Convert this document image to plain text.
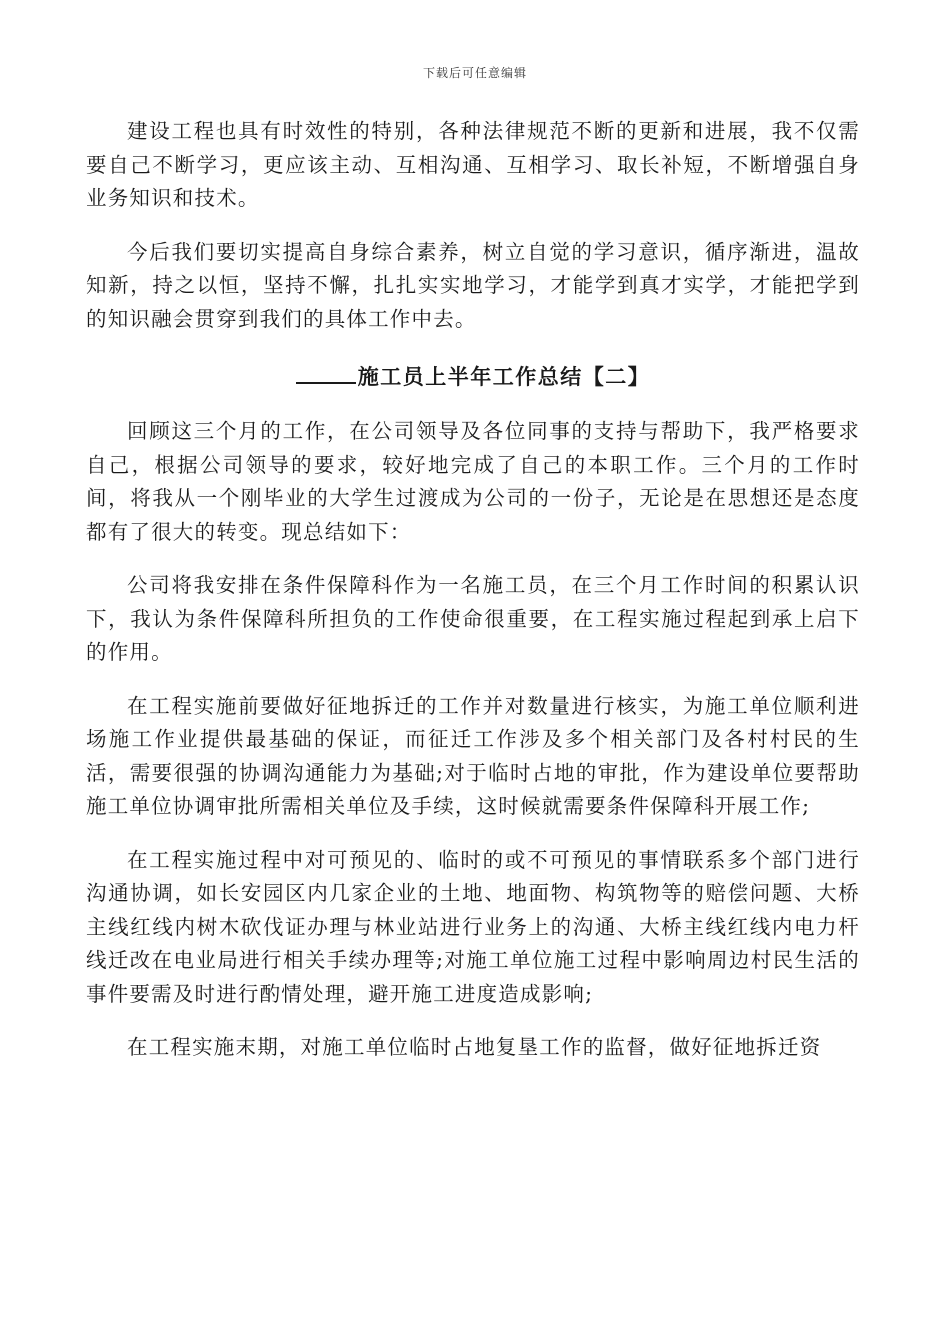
下载后可任意编辑

建设工程也具有时效性的特别，各种法律规范不断的更新和进展，我不仅需要自己不断学习，更应该主动、互相沟通、互相学习、取长补短，不断增强自身业务知识和技术。

今后我们要切实提高自身综合素养，树立自觉的学习意识，循序渐进，温故知新，持之以恒，坚持不懈，扎扎实实地学习，才能学到真才实学，才能把学到的知识融会贯穿到我们的具体工作中去。

施工员上半年工作总结【二】

回顾这三个月的工作，在公司领导及各位同事的支持与帮助下，我严格要求自己，根据公司领导的要求，较好地完成了自己的本职工作。三个月的工作时间，将我从一个刚毕业的大学生过渡成为公司的一份子，无论是在思想还是态度都有了很大的转变。现总结如下：

公司将我安排在条件保障科作为一名施工员，在三个月工作时间的积累认识下，我认为条件保障科所担负的工作使命很重要，在工程实施过程起到承上启下的作用。

在工程实施前要做好征地拆迁的工作并对数量进行核实，为施工单位顺利进场施工作业提供最基础的保证，而征迁工作涉及多个相关部门及各村村民的生活，需要很强的协调沟通能力为基础;对于临时占地的审批，作为建设单位要帮助施工单位协调审批所需相关单位及手续，这时候就需要条件保障科开展工作;

在工程实施过程中对可预见的、临时的或不可预见的事情联系多个部门进行沟通协调，如长安园区内几家企业的土地、地面物、构筑物等的赔偿问题、大桥主线红线内树木砍伐证办理与林业站进行业务上的沟通、大桥主线红线内电力杆线迁改在电业局进行相关手续办理等;对施工单位施工过程中影响周边村民生活的事件要需及时进行酌情处理，避开施工进度造成影响;

在工程实施末期，对施工单位临时占地复垦工作的监督，做好征地拆迁资
